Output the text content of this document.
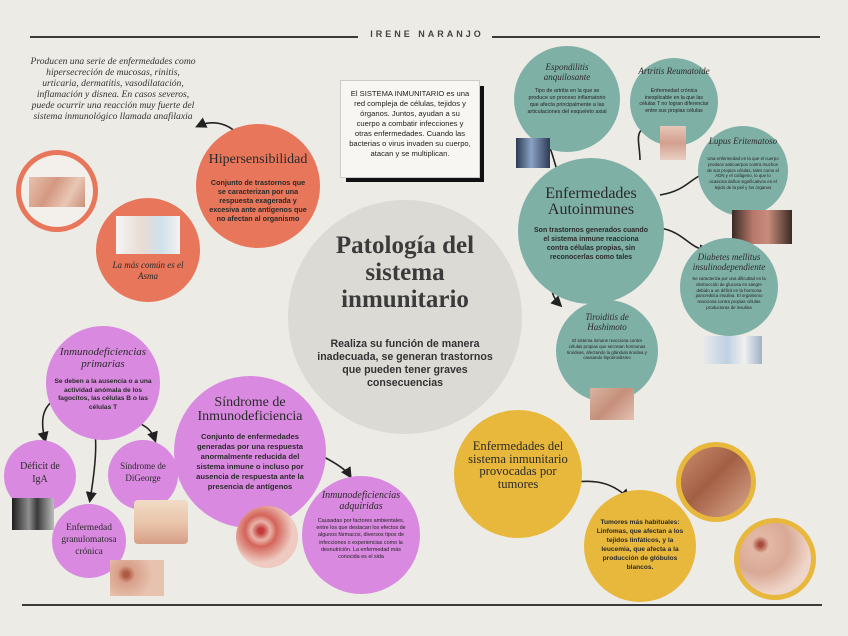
IRENE NARANJO
Producen una serie de enfermedades como hipersecreción de mucosas, rinitis, urticaria, dermatitis, vasodilatación, inflamación y disnea. En casos severos, puede ocurrir una reacción muy fuerte del sistema inmunológico llamada anafilaxia
Hipersensibilidad
Conjunto de trastornos que se caracterizan por una respuesta exagerada y excesiva ante antígenos que no afectan al organismo
La más común es el Asma
El SISTEMA INMUNITARIO es una red compleja de células, tejidos y órganos. Juntos, ayudan a su cuerpo a combatir infecciones y otras enfermedades. Cuando las bacterias o virus invaden su cuerpo, atacan y se multiplican.
Patología del sistema inmunitario
Realiza su función de manera inadecuada, se generan trastornos que pueden tener graves consecuencias
Enfermedades Autoinmunes
Son trastornos generados cuando el sistema inmune reacciona contra células propias, sin reconocerlas como tales
Espondilitis anquilosante
Tipo de artritis en la que se produce un proceso inflamatorio que afecta principalmente a las articulaciones del esqueleto axial
Artritis Reumatoide
Enfermedad crónica inexplicable en la que las células T no logran diferenciar entre sus propias células
Lupus Eritematoso
Una enfermedad en la que el cuerpo produce anticuerpos contra muchos de sus propios células, tales como el ADN y el colágeno, lo que lo ocasiona daños significativos en el tejido de la piel y los órganos
Diabetes mellitus insulinodependiente
Se caracteriza por una dificultad en la destrucción de glucosa en sangre debido a un déficit en la hormona pancreática insulina. El organismo reacciona contra propias células productoras de insulina
Tiroiditis de Hashimoto
El sistema inmune reacciona contra células propias que secretan hormonas tiroideas, afectando la glándula tiroidea y causando hipotiroidismo
Inmunodeficiencias primarias
Se deben a la ausencia o a una actividad anómala de los fagocitos, las células B o las células T
Déficit de IgA
Síndrome de DiGeorge
Enfermedad granulomatosa crónica
Síndrome de Inmunodeficiencia
Conjunto de enfermedades generadas por una respuesta anormalmente reducida del sistema inmune o incluso por ausencia de respuesta ante la presencia de antígenos
Inmunodeficiencias adquiridas
Causadas por factores ambientales, entre los que destacan los efectos de algunos fármacos, diversos tipos de infecciones o experiencias como la desnutrición. La enfermedad más conocida es el sida
Enfermedades del sistema inmunitario provocadas por tumores
Tumores más habituales: Linfomas, que afectan a los tejidos linfáticos, y la leucemia, que afecta a la producción de glóbulos blancos.
